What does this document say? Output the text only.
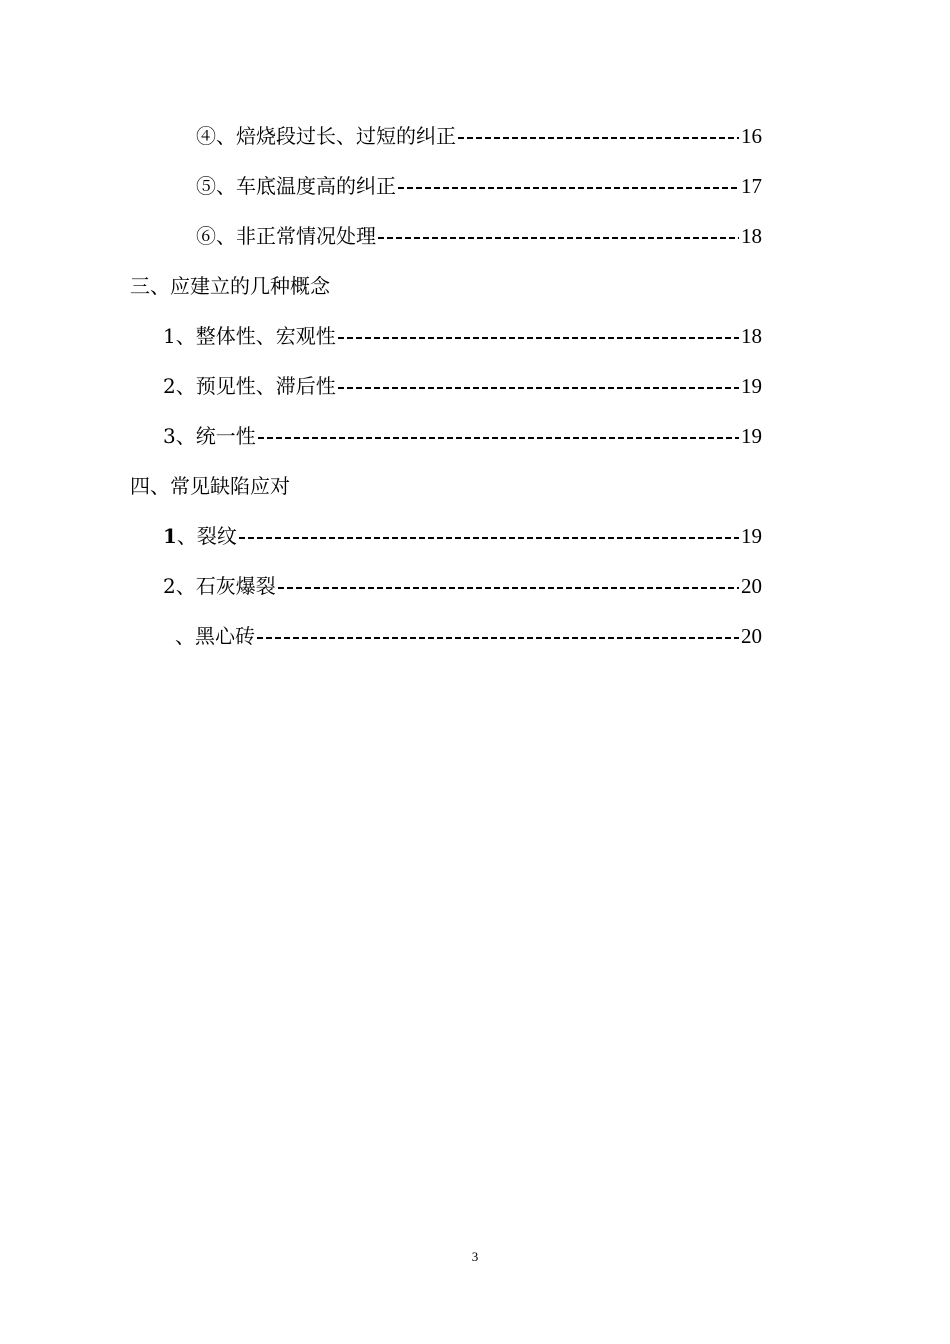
④、焙烧段过长、过短的纠正	16
⑤、车底温度高的纠正	17
⑥、非正常情况处理	18
三、应建立的几种概念
1、整体性、宏观性	18
2、预见性、滞后性	19
3、统一性	19
四、常见缺陷应对
1、裂纹	19
2、石灰爆裂	20
、黑心砖	20
3
